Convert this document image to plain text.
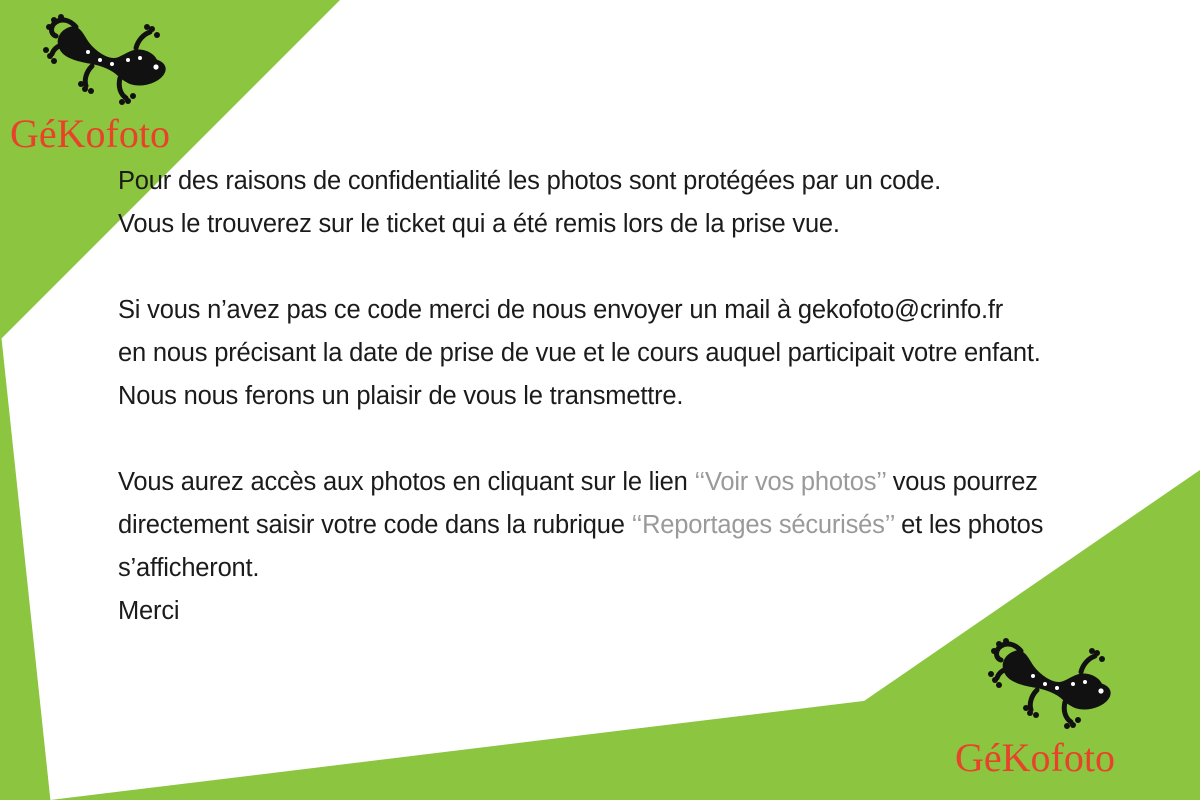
GéKofoto
GéKofoto

Pour des raisons de confidentialité les photos sont protégées par un code.

Vous le trouverez sur le ticket qui a été remis lors de la prise vue.

Si vous n’avez pas ce code merci de nous envoyer un mail à gekofoto@crinfo.fr

en nous précisant la date de prise de vue et le cours auquel participait votre enfant.

Nous nous ferons un plaisir de vous le transmettre.

Vous aurez accès aux photos en cliquant sur le lien ‘‘Voir vos photos’’ vous pourrez

directement saisir votre code dans la rubrique ‘‘Reportages sécurisés’’ et les photos

s’afficheront.

Merci
